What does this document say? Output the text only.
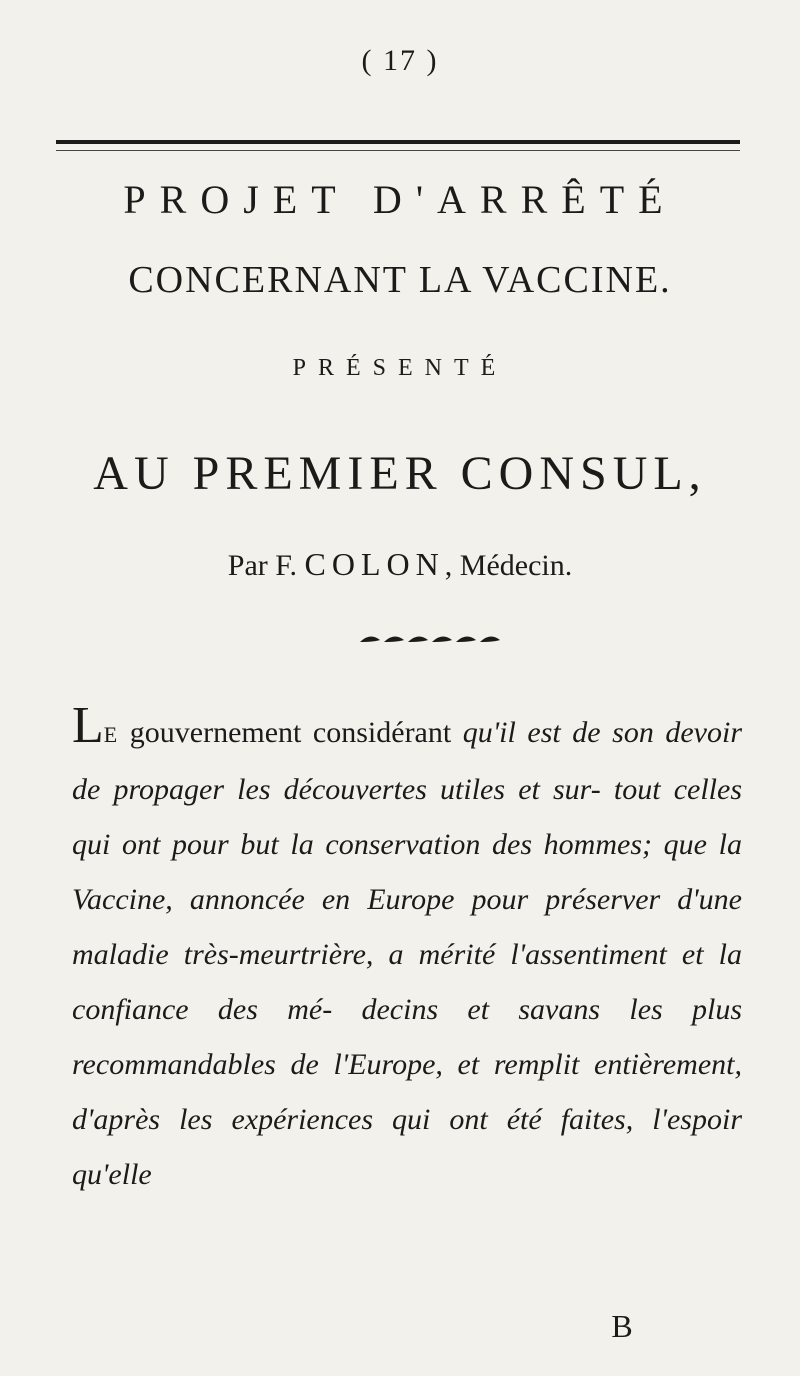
( 17 )
PROJET D'ARRÊTÉ
CONCERNANT LA VACCINE.
PRÉSENTÉ
AU PREMIER CONSUL,
Par F. COLON, Médecin.

LE gouvernement considérant qu'il est de son devoir de propager les découvertes utiles et sur- tout celles qui ont pour but la conservation des hommes; que la Vaccine, annoncée en Europe pour préserver d'une maladie très-meurtrière, a mérité l'assentiment et la confiance des mé- decins et savans les plus recommandables de l'Europe, et remplit entièrement, d'après les expériences qui ont été faites, l'espoir qu'elle

B
